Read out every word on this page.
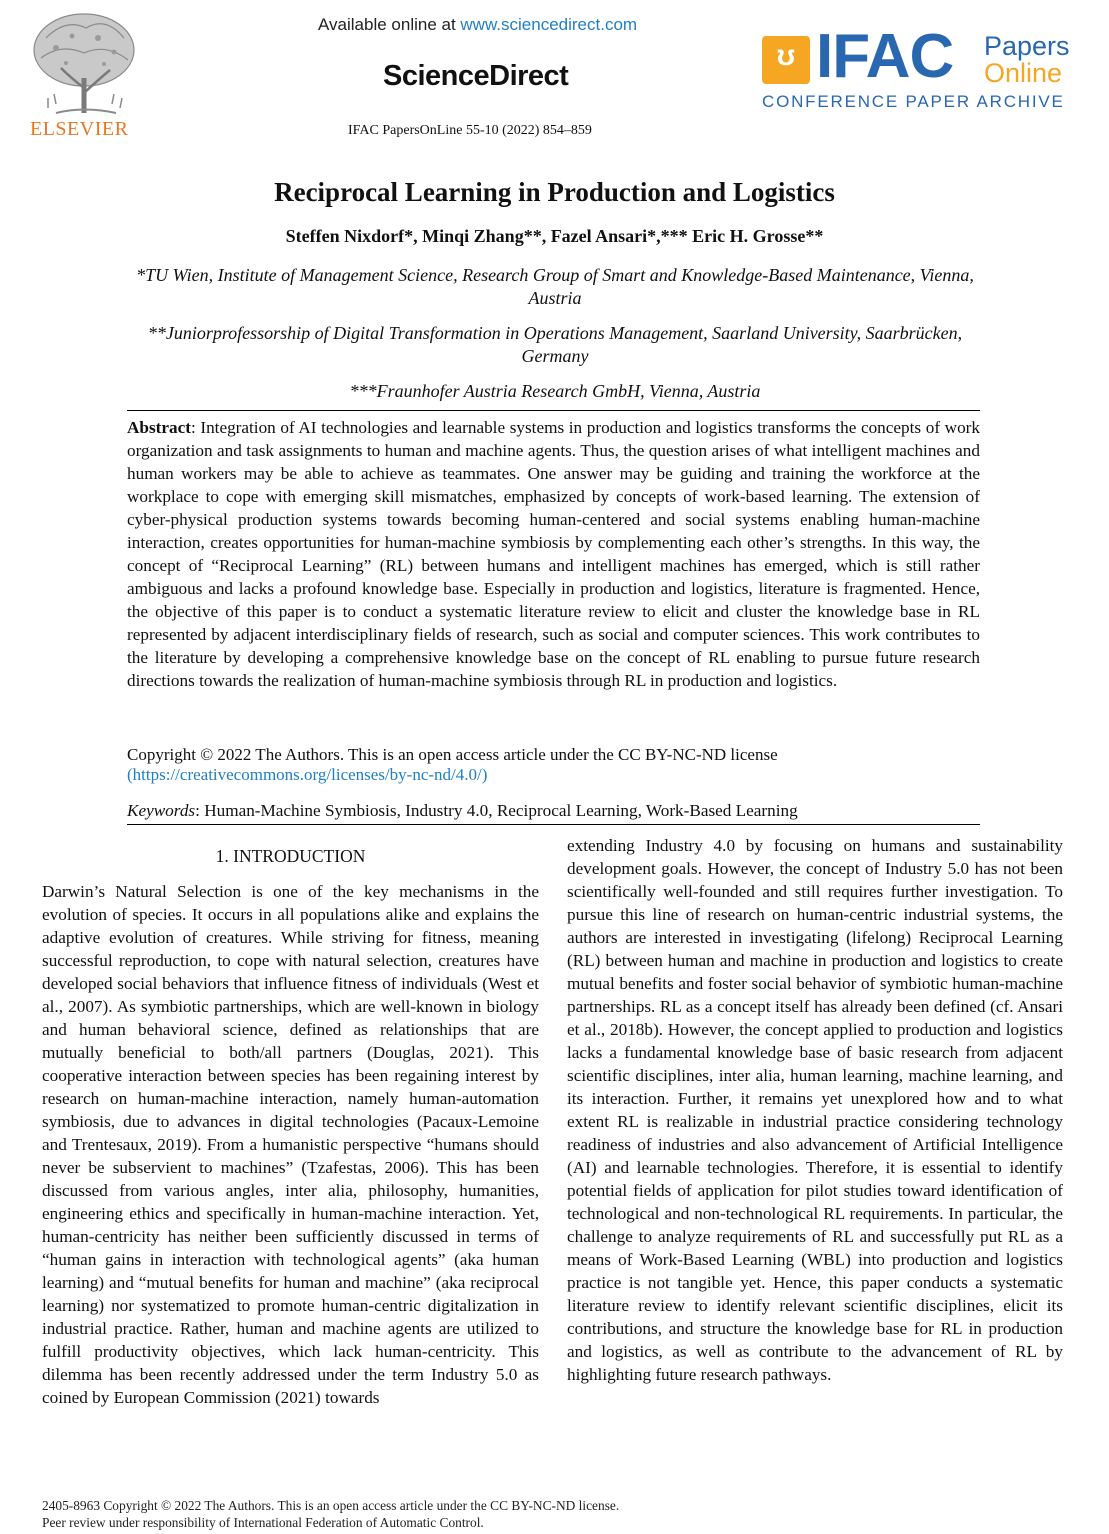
ELSEVIER
Available online at www.sciencedirect.com
ScienceDirect
IFAC PapersOnLine 55-10 (2022) 854–859
ʊ IFAC Papers
Online
CONFERENCE PAPER ARCHIVE
Reciprocal Learning in Production and Logistics
Steffen Nixdorf*, Minqi Zhang**, Fazel Ansari*,*** Eric H. Grosse**
*TU Wien, Institute of Management Science, Research Group of Smart and Knowledge-Based Maintenance, Vienna, Austria
**Juniorprofessorship of Digital Transformation in Operations Management, Saarland University, Saarbrücken, Germany
***Fraunhofer Austria Research GmbH, Vienna, Austria
Abstract: Integration of AI technologies and learnable systems in production and logistics transforms the concepts of work organization and task assignments to human and machine agents. Thus, the question arises of what intelligent machines and human workers may be able to achieve as teammates. One answer may be guiding and training the workforce at the workplace to cope with emerging skill mismatches, emphasized by concepts of work-based learning. The extension of cyber-physical production systems towards becoming human-centered and social systems enabling human-machine interaction, creates opportunities for human-machine symbiosis by complementing each other’s strengths. In this way, the concept of “Reciprocal Learning” (RL) between humans and intelligent machines has emerged, which is still rather ambiguous and lacks a profound knowledge base. Especially in production and logistics, literature is fragmented. Hence, the objective of this paper is to conduct a systematic literature review to elicit and cluster the knowledge base in RL represented by adjacent interdisciplinary fields of research, such as social and computer sciences. This work contributes to the literature by developing a comprehensive knowledge base on the concept of RL enabling to pursue future research directions towards the realization of human-machine symbiosis through RL in production and logistics.
Copyright © 2022 The Authors. This is an open access article under the CC BY-NC-ND license
(https://creativecommons.org/licenses/by-nc-nd/4.0/)
Keywords: Human-Machine Symbiosis, Industry 4.0, Reciprocal Learning, Work-Based Learning
1. INTRODUCTION
Darwin’s Natural Selection is one of the key mechanisms in the evolution of species. It occurs in all populations alike and explains the adaptive evolution of creatures. While striving for fitness, meaning successful reproduction, to cope with natural selection, creatures have developed social behaviors that influence fitness of individuals (West et al., 2007). As symbiotic partnerships, which are well-known in biology and human behavioral science, defined as relationships that are mutually beneficial to both/all partners (Douglas, 2021). This cooperative interaction between species has been regaining interest by research on human-machine interaction, namely human-automation symbiosis, due to advances in digital technologies (Pacaux-Lemoine and Trentesaux, 2019). From a humanistic perspective “humans should never be subservient to machines” (Tzafestas, 2006). This has been discussed from various angles, inter alia, philosophy, humanities, engineering ethics and specifically in human-machine interaction. Yet, human-centricity has neither been sufficiently discussed in terms of “human gains in interaction with technological agents” (aka human learning) and “mutual benefits for human and machine” (aka reciprocal learning) nor systematized to promote human-centric digitalization in industrial practice. Rather, human and machine agents are utilized to fulfill productivity objectives, which lack human-centricity. This dilemma has been recently addressed under the term Industry 5.0 as coined by European Commission (2021) towards
extending Industry 4.0 by focusing on humans and sustainability development goals. However, the concept of Industry 5.0 has not been scientifically well-founded and still requires further investigation. To pursue this line of research on human-centric industrial systems, the authors are interested in investigating (lifelong) Reciprocal Learning (RL) between human and machine in production and logistics to create mutual benefits and foster social behavior of symbiotic human-machine partnerships. RL as a concept itself has already been defined (cf. Ansari et al., 2018b). However, the concept applied to production and logistics lacks a fundamental knowledge base of basic research from adjacent scientific disciplines, inter alia, human learning, machine learning, and its interaction. Further, it remains yet unexplored how and to what extent RL is realizable in industrial practice considering technology readiness of industries and also advancement of Artificial Intelligence (AI) and learnable technologies. Therefore, it is essential to identify potential fields of application for pilot studies toward identification of technological and non-technological RL requirements. In particular, the challenge to analyze requirements of RL and successfully put RL as a means of Work-Based Learning (WBL) into production and logistics practice is not tangible yet. Hence, this paper conducts a systematic literature review to identify relevant scientific disciplines, elicit its contributions, and structure the knowledge base for RL in production and logistics, as well as contribute to the advancement of RL by highlighting future research pathways.
2405-8963 Copyright © 2022 The Authors. This is an open access article under the CC BY-NC-ND license.
Peer review under responsibility of International Federation of Automatic Control.
